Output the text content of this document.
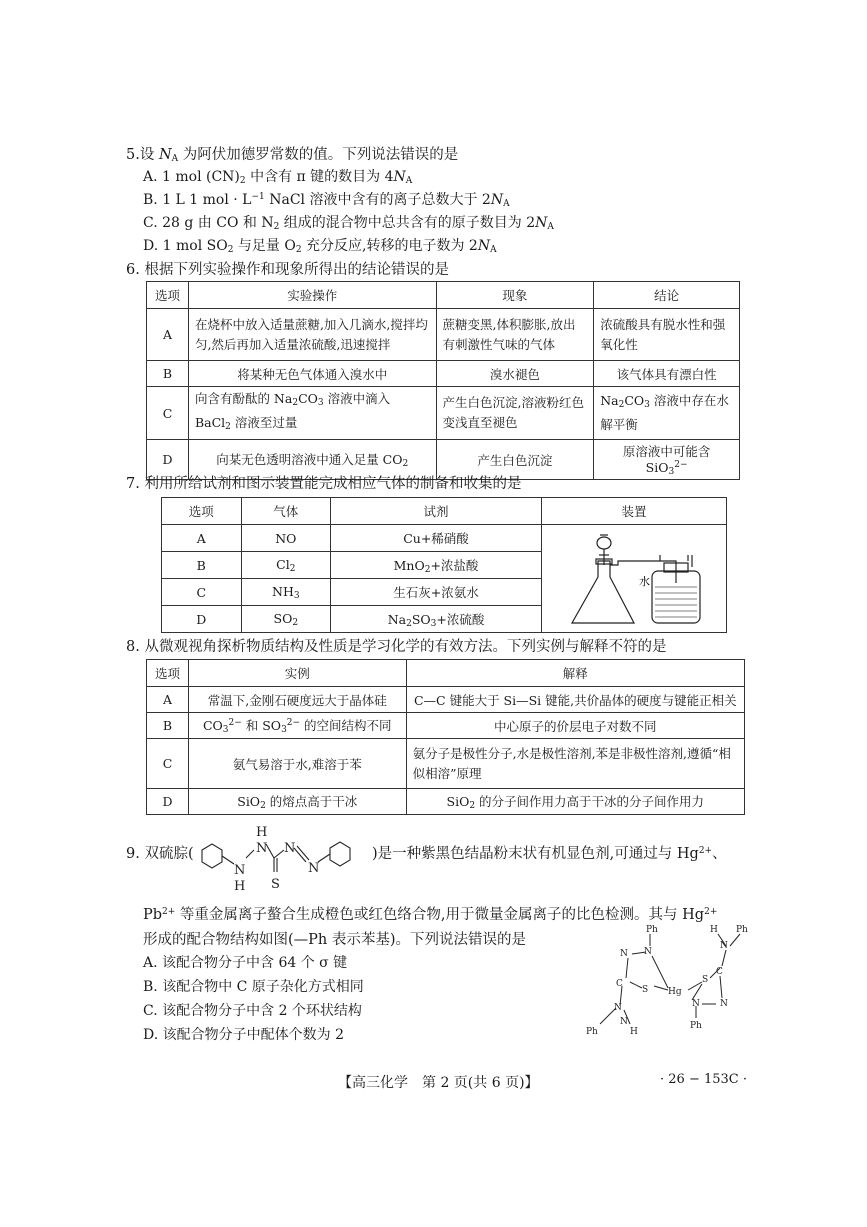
5.设 $N_A$ 为阿伏加德罗常数的值。下列说法错误的是
A. 1 mol $(CN)_2$ 中含有 π 键的数目为 $4N_A$
B. 1 L 1 mol · $L^{-1}$ NaCl 溶液中含有的离子总数大于 $2N_A$
C. 28 g 由 CO 和 $N_2$ 组成的混合物中总共含有的原子数目为 $2N_A$
D. 1 mol $SO_2$ 与足量 $O_2$ 充分反应,转移的电子数为 $2N_A$
6. 根据下列实验操作和现象所得出的结论错误的是
选项	实验操作	现象	结论
A	在烧杯中放入适量蔗糖,加入几滴水,搅拌均匀,然后再加入适量浓硫酸,迅速搅拌	蔗糖变黑,体积膨胀,放出有刺激性气味的气体	浓硫酸具有脱水性和强氧化性
B	将某种无色气体通入溴水中	溴水褪色	该气体具有漂白性
C	向含有酚酞的 $Na_2CO_3$ 溶液中滴入 BaCl$_2$ 溶液至过量	产生白色沉淀,溶液粉红色变浅直至褪色	$Na_2CO_3$ 溶液中存在水解平衡
D	向某无色透明溶液中通入足量 $CO_2$	产生白色沉淀	原溶液中可能含 SiO$_3^{2-}$
7. 利用所给试剂和图示装置能完成相应气体的制备和收集的是
选项	气体	试剂	装置
A	NO	Cu+稀硝酸	水

B	$Cl_2$	MnO$_2$+浓盐酸	
C	$NH_3$	生石灰+浓氨水	
D	$SO_2$	$Na_2SO_3+$浓硫酸	
8. 从微观视角探析物质结构及性质是学习化学的有效方法。下列实例与解释不符的是
选项	实例	解释
A	常温下,金刚石硬度远大于晶体硅	C—C 键能大于 Si—Si 键能,共价晶体的硬度与键能正相关
B	$CO_3^{2-}$ 和 $SO_3^{2-}$ 的空间结构不同	中心原子的价层电子对数不同
C	氨气易溶于水,难溶于苯	氨分子是极性分子,水是极性溶剂,苯是非极性溶剂,遵循“相似相溶”原理
D	SiO$_2$ 的熔点高于干冰	SiO$_2$ 的分子间作用力高于干冰的分子间作用力
9. 双硫腙(
H
N
N
H
N
N
S
)是一种紫黑色结晶粉末状有机显色剂,可通过与 $Hg^{2+}$、
$Pb^{2+}$ 等重金属离子螯合生成橙色或红色络合物,用于微量金属离子的比色检测。其与 $Hg^{2+}$
形成的配合物结构如图(—Ph 表示苯基)。下列说法错误的是
A. 该配合物分子中含 64 个 σ 键
B. 该配合物中 C 原子杂化方式相同
C. 该配合物分子中含 2 个环状结构
D. 该配合物分子中配体个数为 2
Ph
N
N
C
S Hg
N
Ph
N
H
S
C
N
H Ph
N
N
Ph
【高三化学　第 2 页(共 6 页)】	· 26 − 153C ·
